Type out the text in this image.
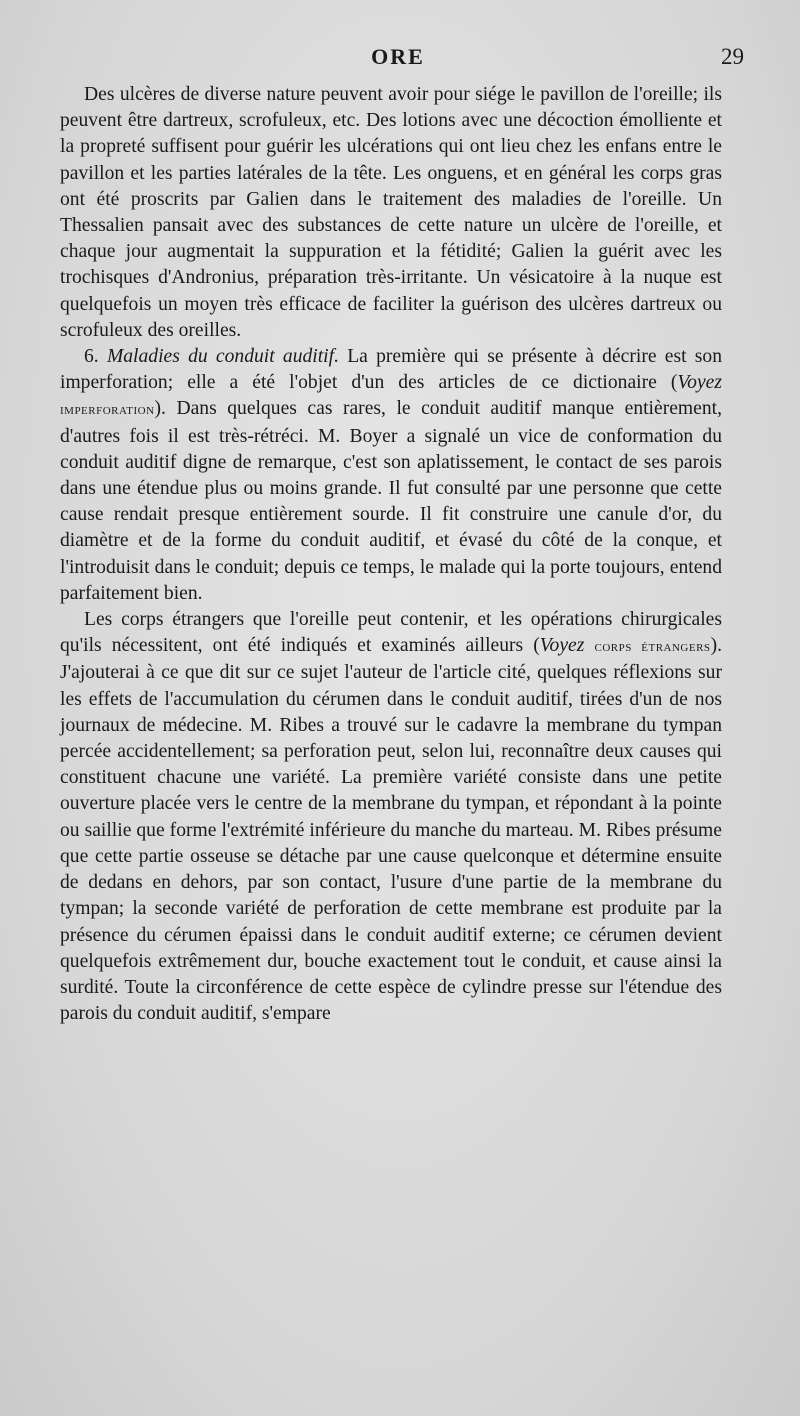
ORE	29

Des ulcères de diverse nature peuvent avoir pour siége le pavillon de l'oreille; ils peuvent être dartreux, scrofuleux, etc. Des lotions avec une décoction émolliente et la propreté suffisent pour guérir les ulcérations qui ont lieu chez les enfans entre le pavillon et les parties latérales de la tête. Les onguens, et en général les corps gras ont été proscrits par Galien dans le traitement des maladies de l'oreille. Un Thessalien pansait avec des substances de cette nature un ulcère de l'oreille, et chaque jour augmentait la suppuration et la fétidité; Galien la guérit avec les trochisques d'Andronius, préparation très-irritante. Un vésicatoire à la nuque est quelquefois un moyen très efficace de faciliter la guérison des ulcères dartreux ou scrofuleux des oreilles.

6. Maladies du conduit auditif. La première qui se présente à décrire est son imperforation; elle a été l'objet d'un des articles de ce dictionaire (Voyez imperforation). Dans quelques cas rares, le conduit auditif manque entièrement, d'autres fois il est très-rétréci. M. Boyer a signalé un vice de conformation du conduit auditif digne de remarque, c'est son aplatissement, le contact de ses parois dans une étendue plus ou moins grande. Il fut consulté par une personne que cette cause rendait presque entièrement sourde. Il fit construire une canule d'or, du diamètre et de la forme du conduit auditif, et évasé du côté de la conque, et l'introduisit dans le conduit; depuis ce temps, le malade qui la porte toujours, entend parfaitement bien.

Les corps étrangers que l'oreille peut contenir, et les opérations chirurgicales qu'ils nécessitent, ont été indiqués et examinés ailleurs (Voyez corps étrangers). J'ajouterai à ce que dit sur ce sujet l'auteur de l'article cité, quelques réflexions sur les effets de l'accumulation du cérumen dans le conduit auditif, tirées d'un de nos journaux de médecine. M. Ribes a trouvé sur le cadavre la membrane du tympan percée accidentellement; sa perforation peut, selon lui, reconnaître deux causes qui constituent chacune une variété. La première variété consiste dans une petite ouverture placée vers le centre de la membrane du tympan, et répondant à la pointe ou saillie que forme l'extrémité inférieure du manche du marteau. M. Ribes présume que cette partie osseuse se détache par une cause quelconque et détermine ensuite de dedans en dehors, par son contact, l'usure d'une partie de la membrane du tympan; la seconde variété de perforation de cette membrane est produite par la présence du cérumen épaissi dans le conduit auditif externe; ce cérumen devient quelquefois extrêmement dur, bouche exactement tout le conduit, et cause ainsi la surdité. Toute la circonférence de cette espèce de cylindre presse sur l'étendue des parois du conduit auditif, s'empare
